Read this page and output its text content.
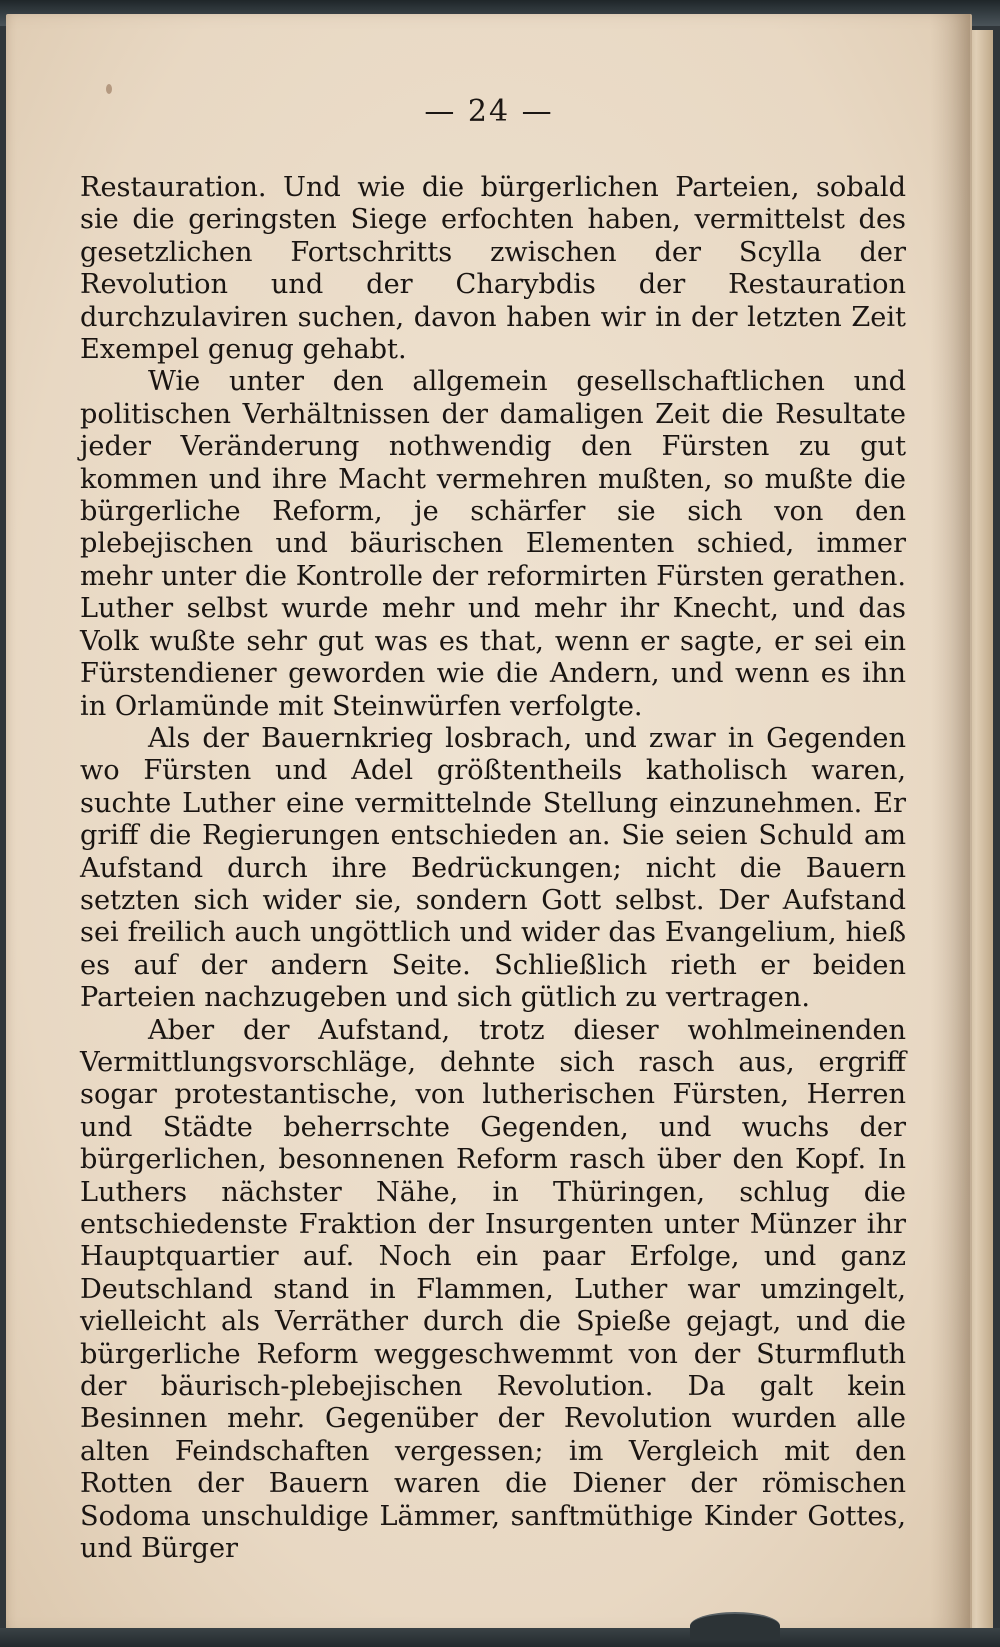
— 24 —

Restauration. Und wie die bürgerlichen Parteien, sobald sie die geringsten Siege erfochten haben, vermittelst des gesetzlichen Fortschritts zwischen der Scylla der Revolution und der Charybdis der Restauration durchzulaviren suchen, davon haben wir in der letzten Zeit Exempel genug gehabt.

Wie unter den allgemein gesellschaftlichen und politischen Verhältnissen der damaligen Zeit die Resultate jeder Veränderung nothwendig den Fürsten zu gut kommen und ihre Macht vermehren mußten, so mußte die bürgerliche Reform, je schärfer sie sich von den plebejischen und bäurischen Elementen schied, immer mehr unter die Kontrolle der reformirten Fürsten gerathen. Luther selbst wurde mehr und mehr ihr Knecht, und das Volk wußte sehr gut was es that, wenn er sagte, er sei ein Fürstendiener geworden wie die Andern, und wenn es ihn in Orlamünde mit Steinwürfen verfolgte.

Als der Bauernkrieg losbrach, und zwar in Gegenden wo Fürsten und Adel größtentheils katholisch waren, suchte Luther eine vermittelnde Stellung einzunehmen. Er griff die Regierungen entschieden an. Sie seien Schuld am Aufstand durch ihre Bedrückungen; nicht die Bauern setzten sich wider sie, sondern Gott selbst. Der Aufstand sei freilich auch ungöttlich und wider das Evangelium, hieß es auf der andern Seite. Schließlich rieth er beiden Parteien nachzugeben und sich gütlich zu vertragen.

Aber der Aufstand, trotz dieser wohlmeinenden Vermittlungsvorschläge, dehnte sich rasch aus, ergriff sogar protestantische, von lutherischen Fürsten, Herren und Städte beherrschte Gegenden, und wuchs der bürgerlichen, besonnenen Reform rasch über den Kopf. In Luthers nächster Nähe, in Thüringen, schlug die entschiedenste Fraktion der Insurgenten unter Münzer ihr Hauptquartier auf. Noch ein paar Erfolge, und ganz Deutschland stand in Flammen, Luther war umzingelt, vielleicht als Verräther durch die Spieße gejagt, und die bürgerliche Reform weggeschwemmt von der Sturmfluth der bäurisch-plebejischen Revolution. Da galt kein Besinnen mehr. Gegenüber der Revolution wurden alle alten Feindschaften vergessen; im Vergleich mit den Rotten der Bauern waren die Diener der römischen Sodoma unschuldige Lämmer, sanftmüthige Kinder Gottes, und Bürger
